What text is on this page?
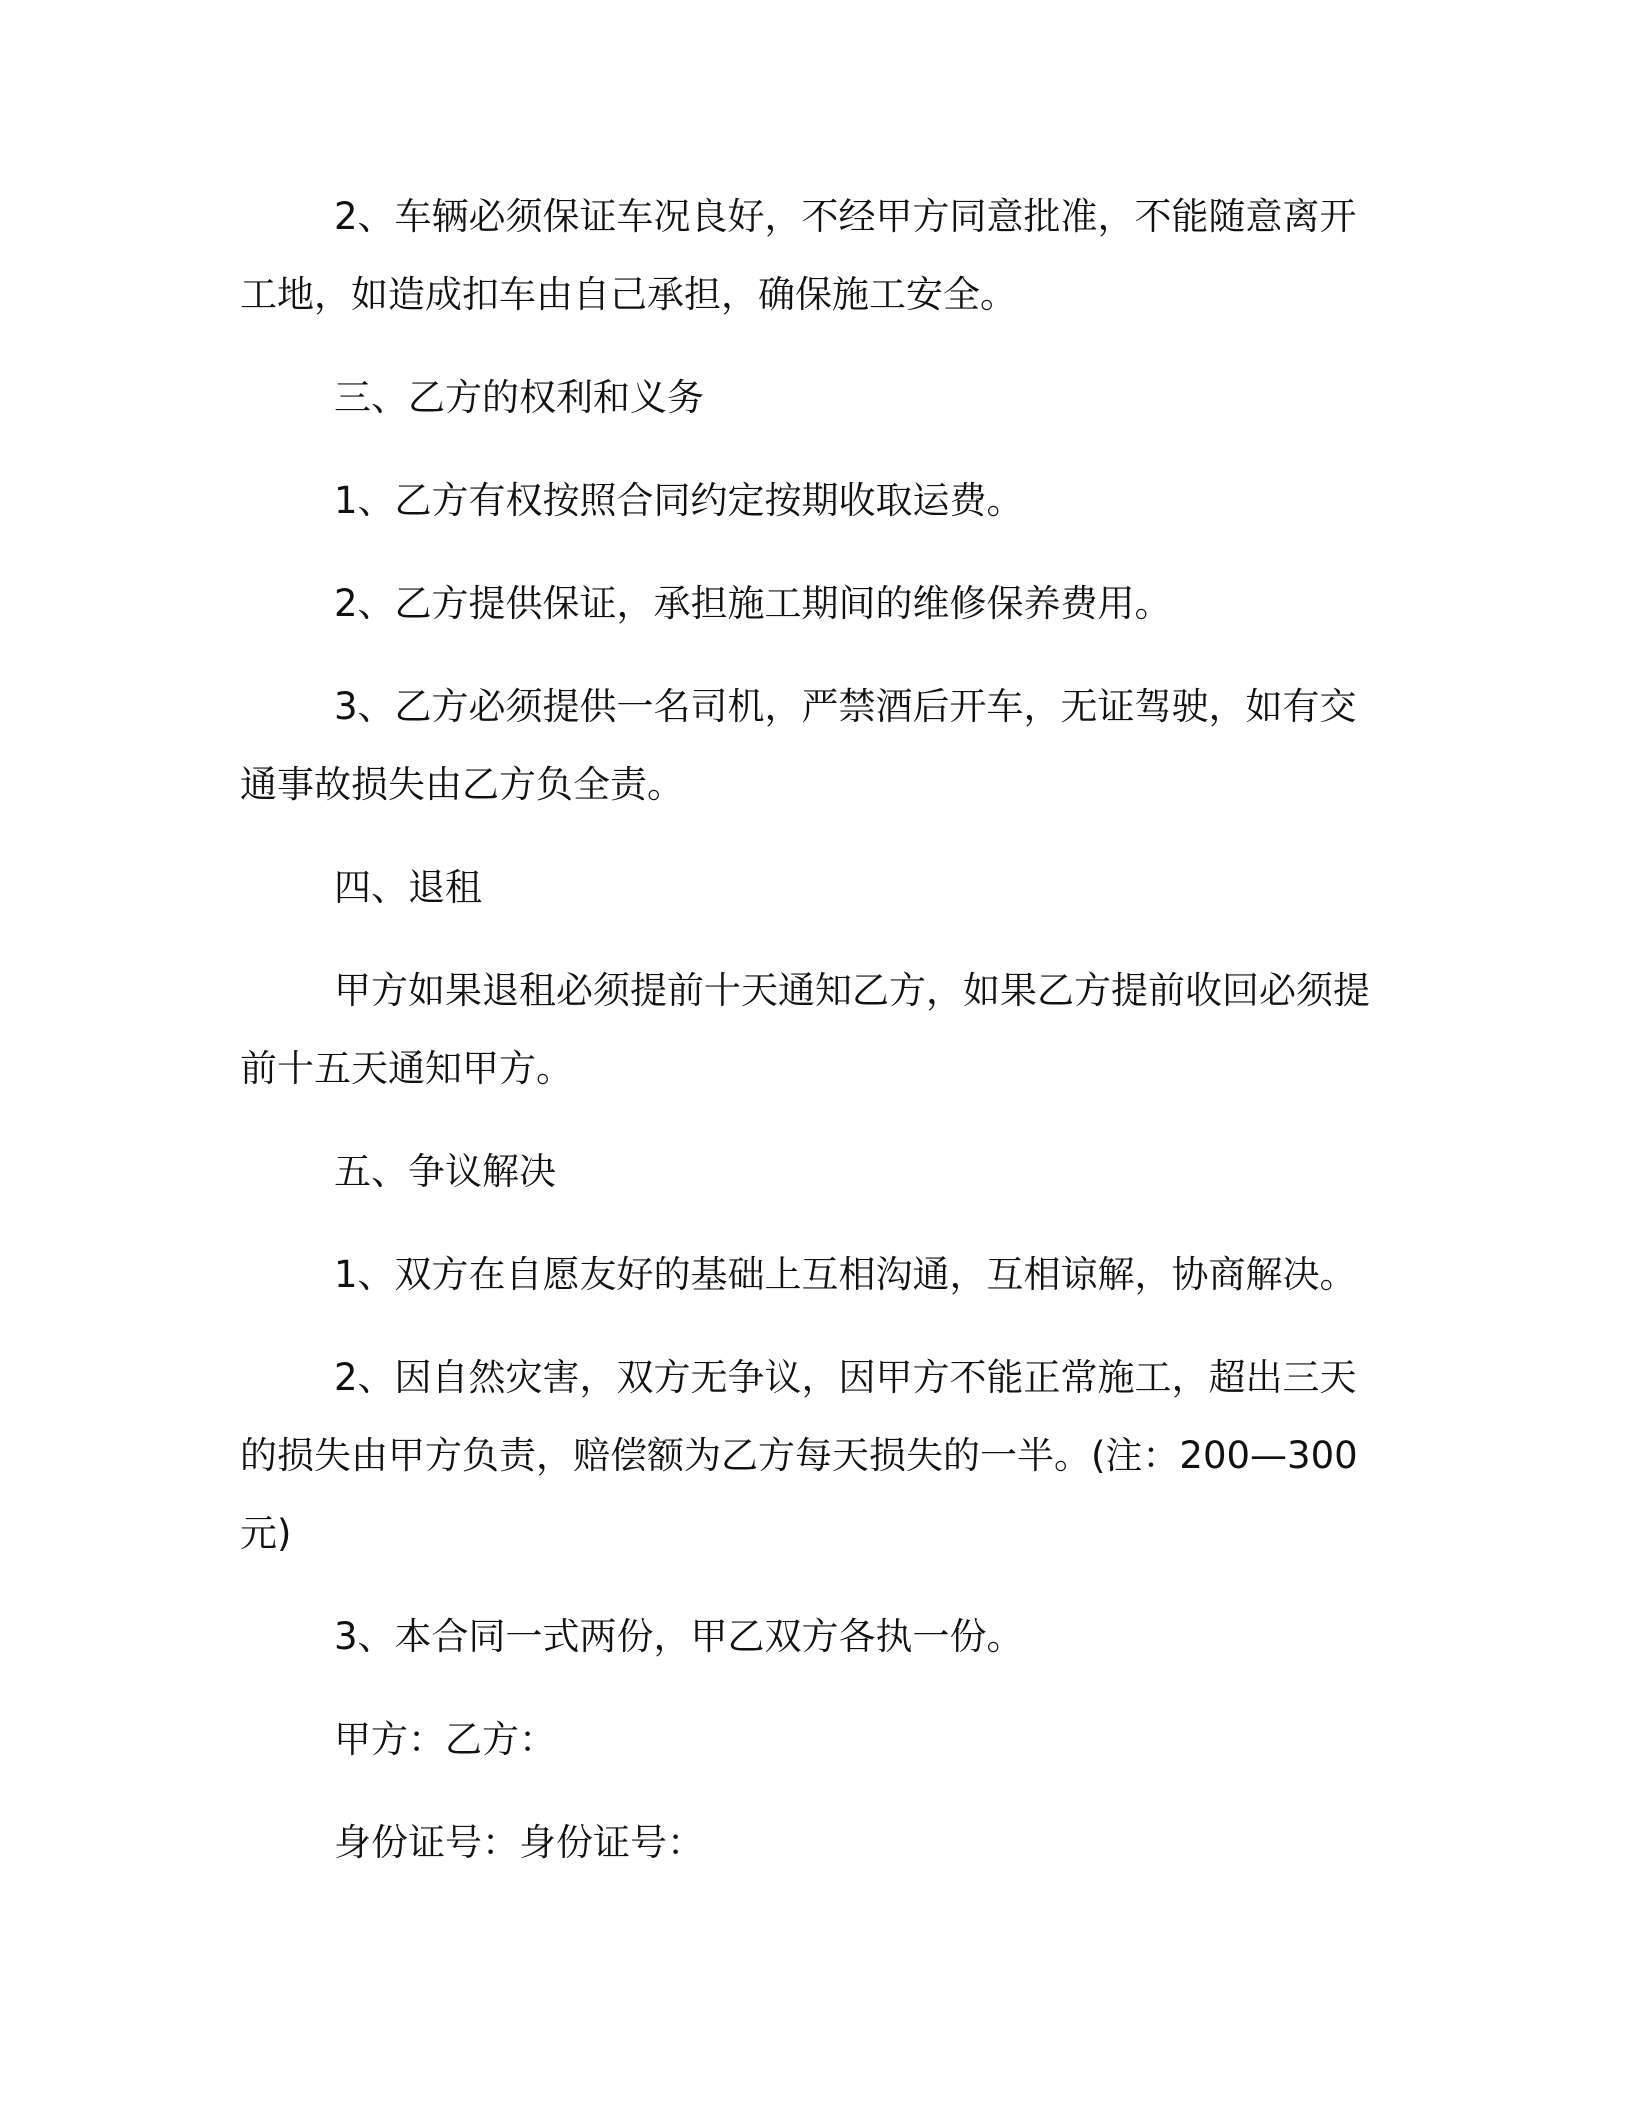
2、车辆必须保证车况良好，不经甲方同意批准，不能随意离开
工地，如造成扣车由自己承担，确保施工安全。
三、乙方的权利和义务
1、乙方有权按照合同约定按期收取运费。
2、乙方提供保证，承担施工期间的维修保养费用。
3、乙方必须提供一名司机，严禁酒后开车，无证驾驶，如有交
通事故损失由乙方负全责。
四、退租
甲方如果退租必须提前十天通知乙方，如果乙方提前收回必须提
前十五天通知甲方。
五、争议解决
1、双方在自愿友好的基础上互相沟通，互相谅解，协商解决。
2、因自然灾害，双方无争议，因甲方不能正常施工，超出三天
的损失由甲方负责，赔偿额为乙方每天损失的一半。(注：200—300
元)
3、本合同一式两份，甲乙双方各执一份。
甲方：乙方：
身份证号：身份证号：
